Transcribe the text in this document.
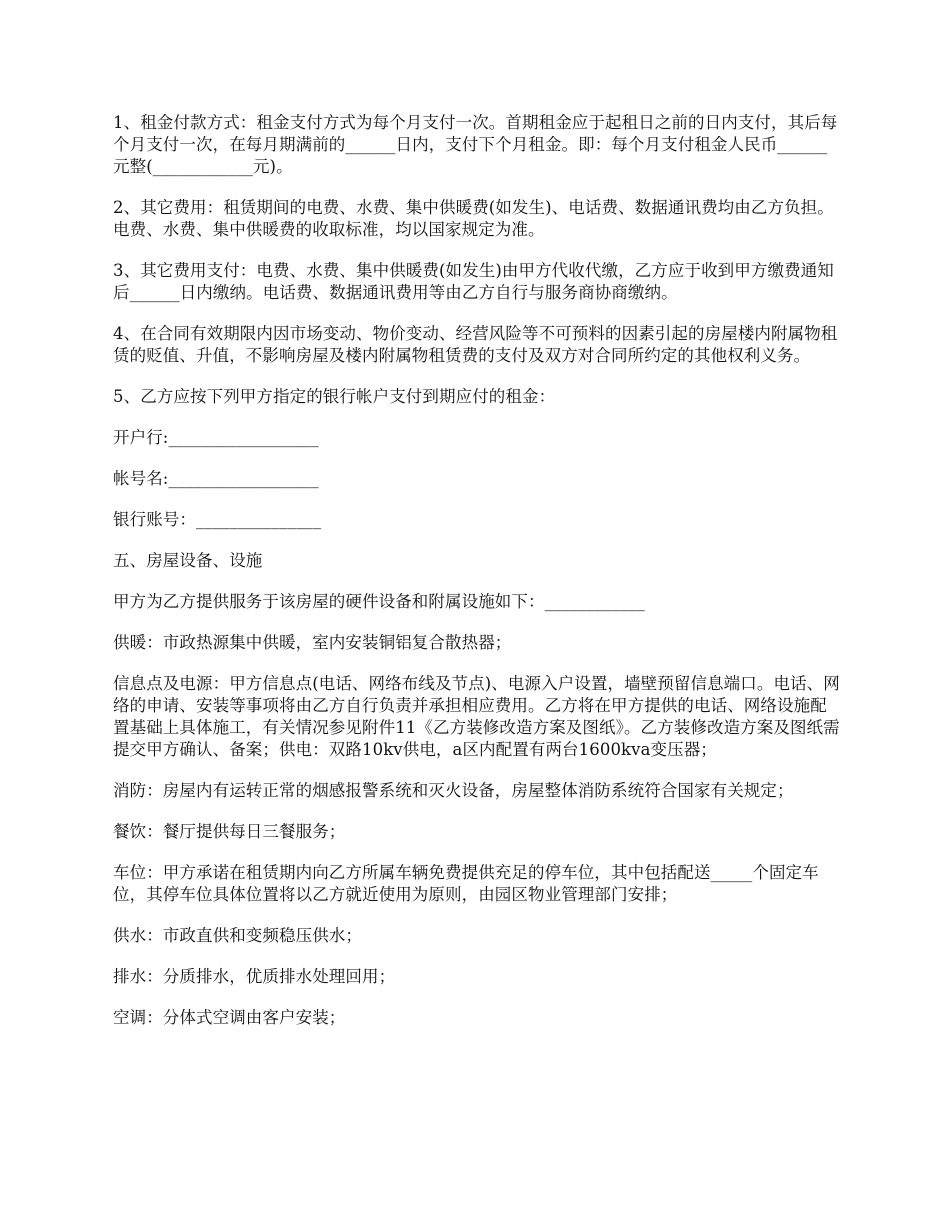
1、租金付款方式：租金支付方式为每个月支付一次。首期租金应于起租日之前的日内支付，其后每个月支付一次，在每月期满前的______日内，支付下个月租金。即：每个月支付租金人民币______元整(____________元)。

2、其它费用：租赁期间的电费、水费、集中供暖费(如发生)、电话费、数据通讯费均由乙方负担。电费、水费、集中供暖费的收取标准，均以国家规定为准。

3、其它费用支付：电费、水费、集中供暖费(如发生)由甲方代收代缴，乙方应于收到甲方缴费通知后______日内缴纳。电话费、数据通讯费用等由乙方自行与服务商协商缴纳。

4、在合同有效期限内因市场变动、物价变动、经营风险等不可预料的因素引起的房屋楼内附属物租赁的贬值、升值，不影响房屋及楼内附属物租赁费的支付及双方对合同所约定的其他权利义务。

5、乙方应按下列甲方指定的银行帐户支付到期应付的租金：

开户行:__________________

帐号名:__________________

银行账号：_______________

五、房屋设备、设施

甲方为乙方提供服务于该房屋的硬件设备和附属设施如下：____________

供暖：市政热源集中供暖，室内安装铜铝复合散热器；

信息点及电源：甲方信息点(电话、网络布线及节点)、电源入户设置，墙壁预留信息端口。电话、网络的申请、安装等事项将由乙方自行负责并承担相应费用。乙方将在甲方提供的电话、网络设施配置基础上具体施工，有关情况参见附件11《乙方装修改造方案及图纸》。乙方装修改造方案及图纸需提交甲方确认、备案；供电：双路10kv供电，a区内配置有两台1600kva变压器；

消防：房屋内有运转正常的烟感报警系统和灭火设备，房屋整体消防系统符合国家有关规定；

餐饮：餐厅提供每日三餐服务；

车位：甲方承诺在租赁期内向乙方所属车辆免费提供充足的停车位，其中包括配送_____个固定车位，其停车位具体位置将以乙方就近使用为原则，由园区物业管理部门安排；

供水：市政直供和变频稳压供水；

排水：分质排水，优质排水处理回用；

空调：分体式空调由客户安装；
